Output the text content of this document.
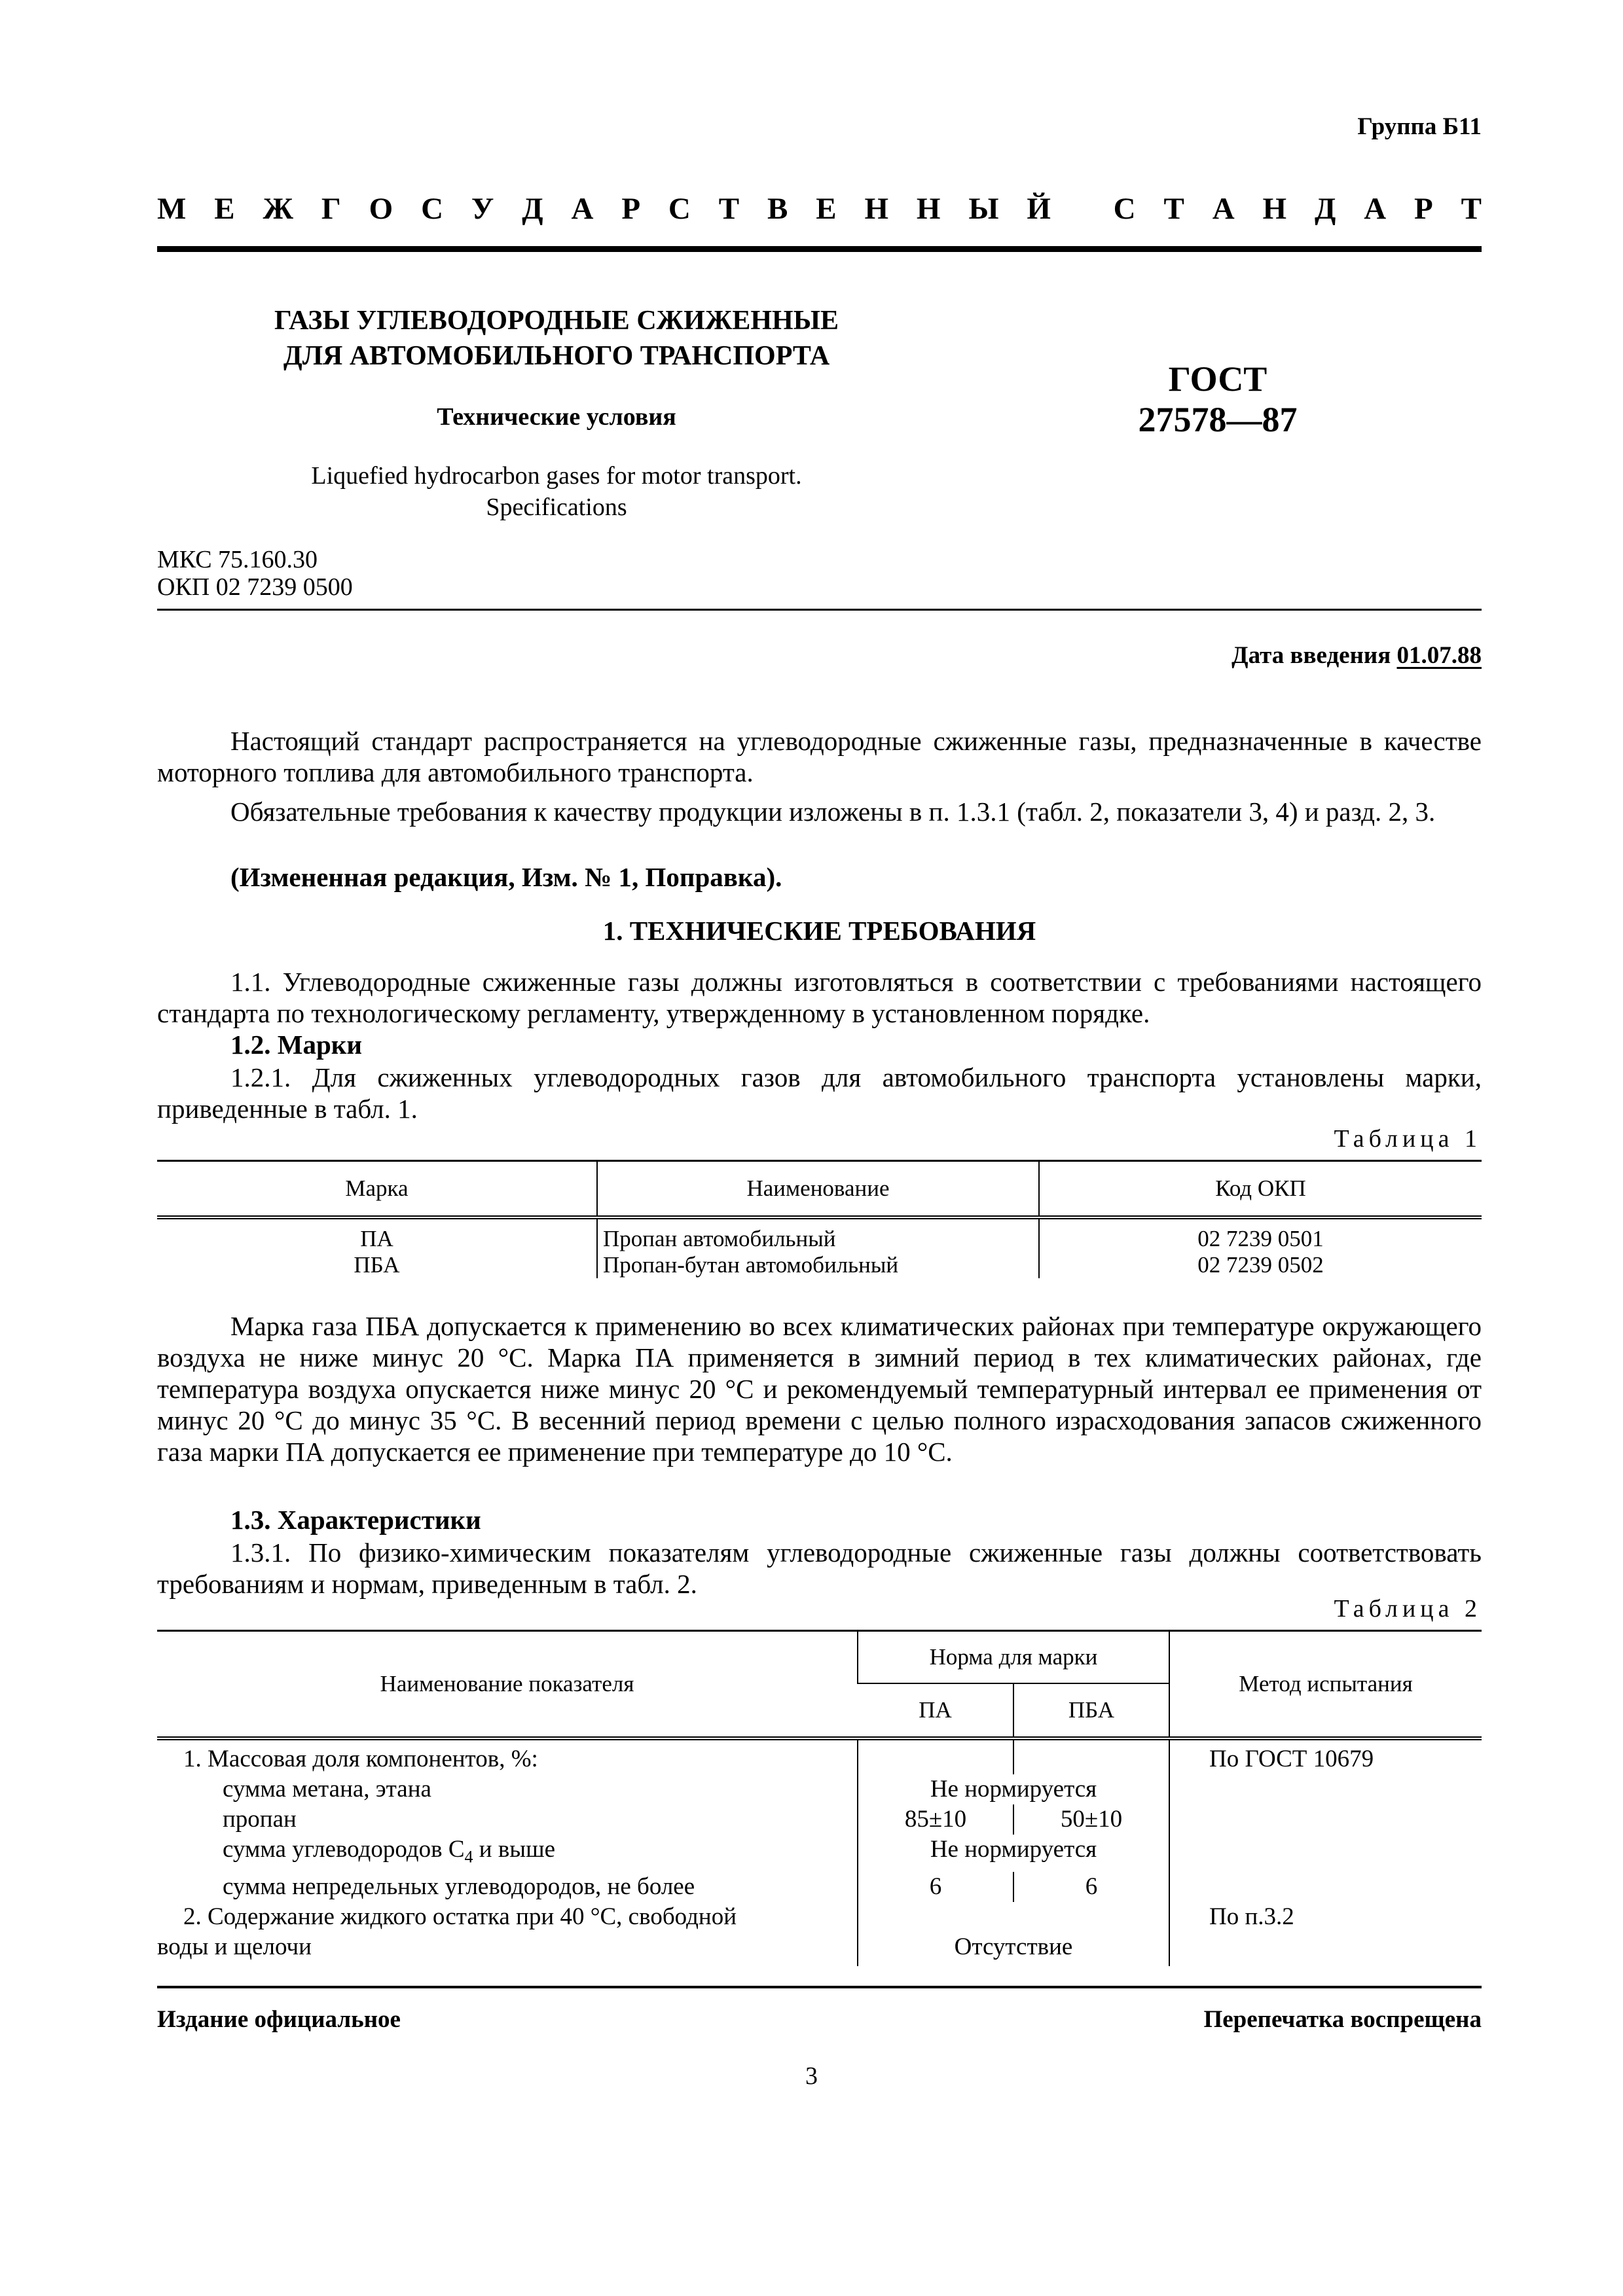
Группа Б11
М Е Ж Г О С У Д А Р С Т В Е Н Н Ы Й С Т А Н Д А Р Т
ГАЗЫ УГЛЕВОДОРОДНЫЕ СЖИЖЕННЫЕ
ДЛЯ АВТОМОБИЛЬНОГО ТРАНСПОРТА
Технические условия
Liquefied hydrocarbon gases for motor transport.
Specifications
ГОСТ
27578—87
МКС 75.160.30
ОКП 02 7239 0500
Дата введения 01.07.88
Настоящий стандарт распространяется на углеводородные сжиженные газы, предназначенные в качестве моторного топлива для автомобильного транспорта.
Обязательные требования к качеству продукции изложены в п. 1.3.1 (табл. 2, показатели 3, 4) и разд. 2, 3.
(Измененная редакция, Изм. № 1, Поправка).
1. ТЕХНИЧЕСКИЕ ТРЕБОВАНИЯ
1.1. Углеводородные сжиженные газы должны изготовляться в соответствии с требованиями настоящего стандарта по технологическому регламенту, утвержденному в установленном порядке.
1.2. Марки
1.2.1. Для сжиженных углеводородных газов для автомобильного транспорта установлены марки, приведенные в табл. 1.
Таблица 1
Марка	Наименование	Код ОКП
ПА	Пропан автомобильный	02 7239 0501
ПБА	Пропан-бутан автомобильный	02 7239 0502
Марка газа ПБА допускается к применению во всех климатических районах при температуре окружающего воздуха не ниже минус 20 °С. Марка ПА применяется в зимний период в тех климатических районах, где температура воздуха опускается ниже минус 20 °С и рекомендуемый температурный интервал ее применения от минус 20 °С до минус 35 °С. В весенний период времени с целью полного израсходования запасов сжиженного газа марки ПА допускается ее применение при температуре до 10 °С.
1.3. Характеристики
1.3.1. По физико-химическим показателям углеводородные сжиженные газы должны соответствовать требованиям и нормам, приведенным в табл. 2.
Таблица 2
Наименование показателя	Норма для марки		Метод испытания
	ПА	ПБА	
1. Массовая доля компонентов, %:			По ГОСТ 10679
сумма метана, этана	Не нормируется		
пропан	85±10	50±10	
сумма углеводородов $С_4$ и выше	Не нормируется		
сумма непредельных углеводородов, не более	6	6	

2. Содержание жидкого остатка при 40 °С, свободной
воды и щелочи	Отсутствие		По п.3.2
Издание официальное	Перепечатка воспрещена
3
